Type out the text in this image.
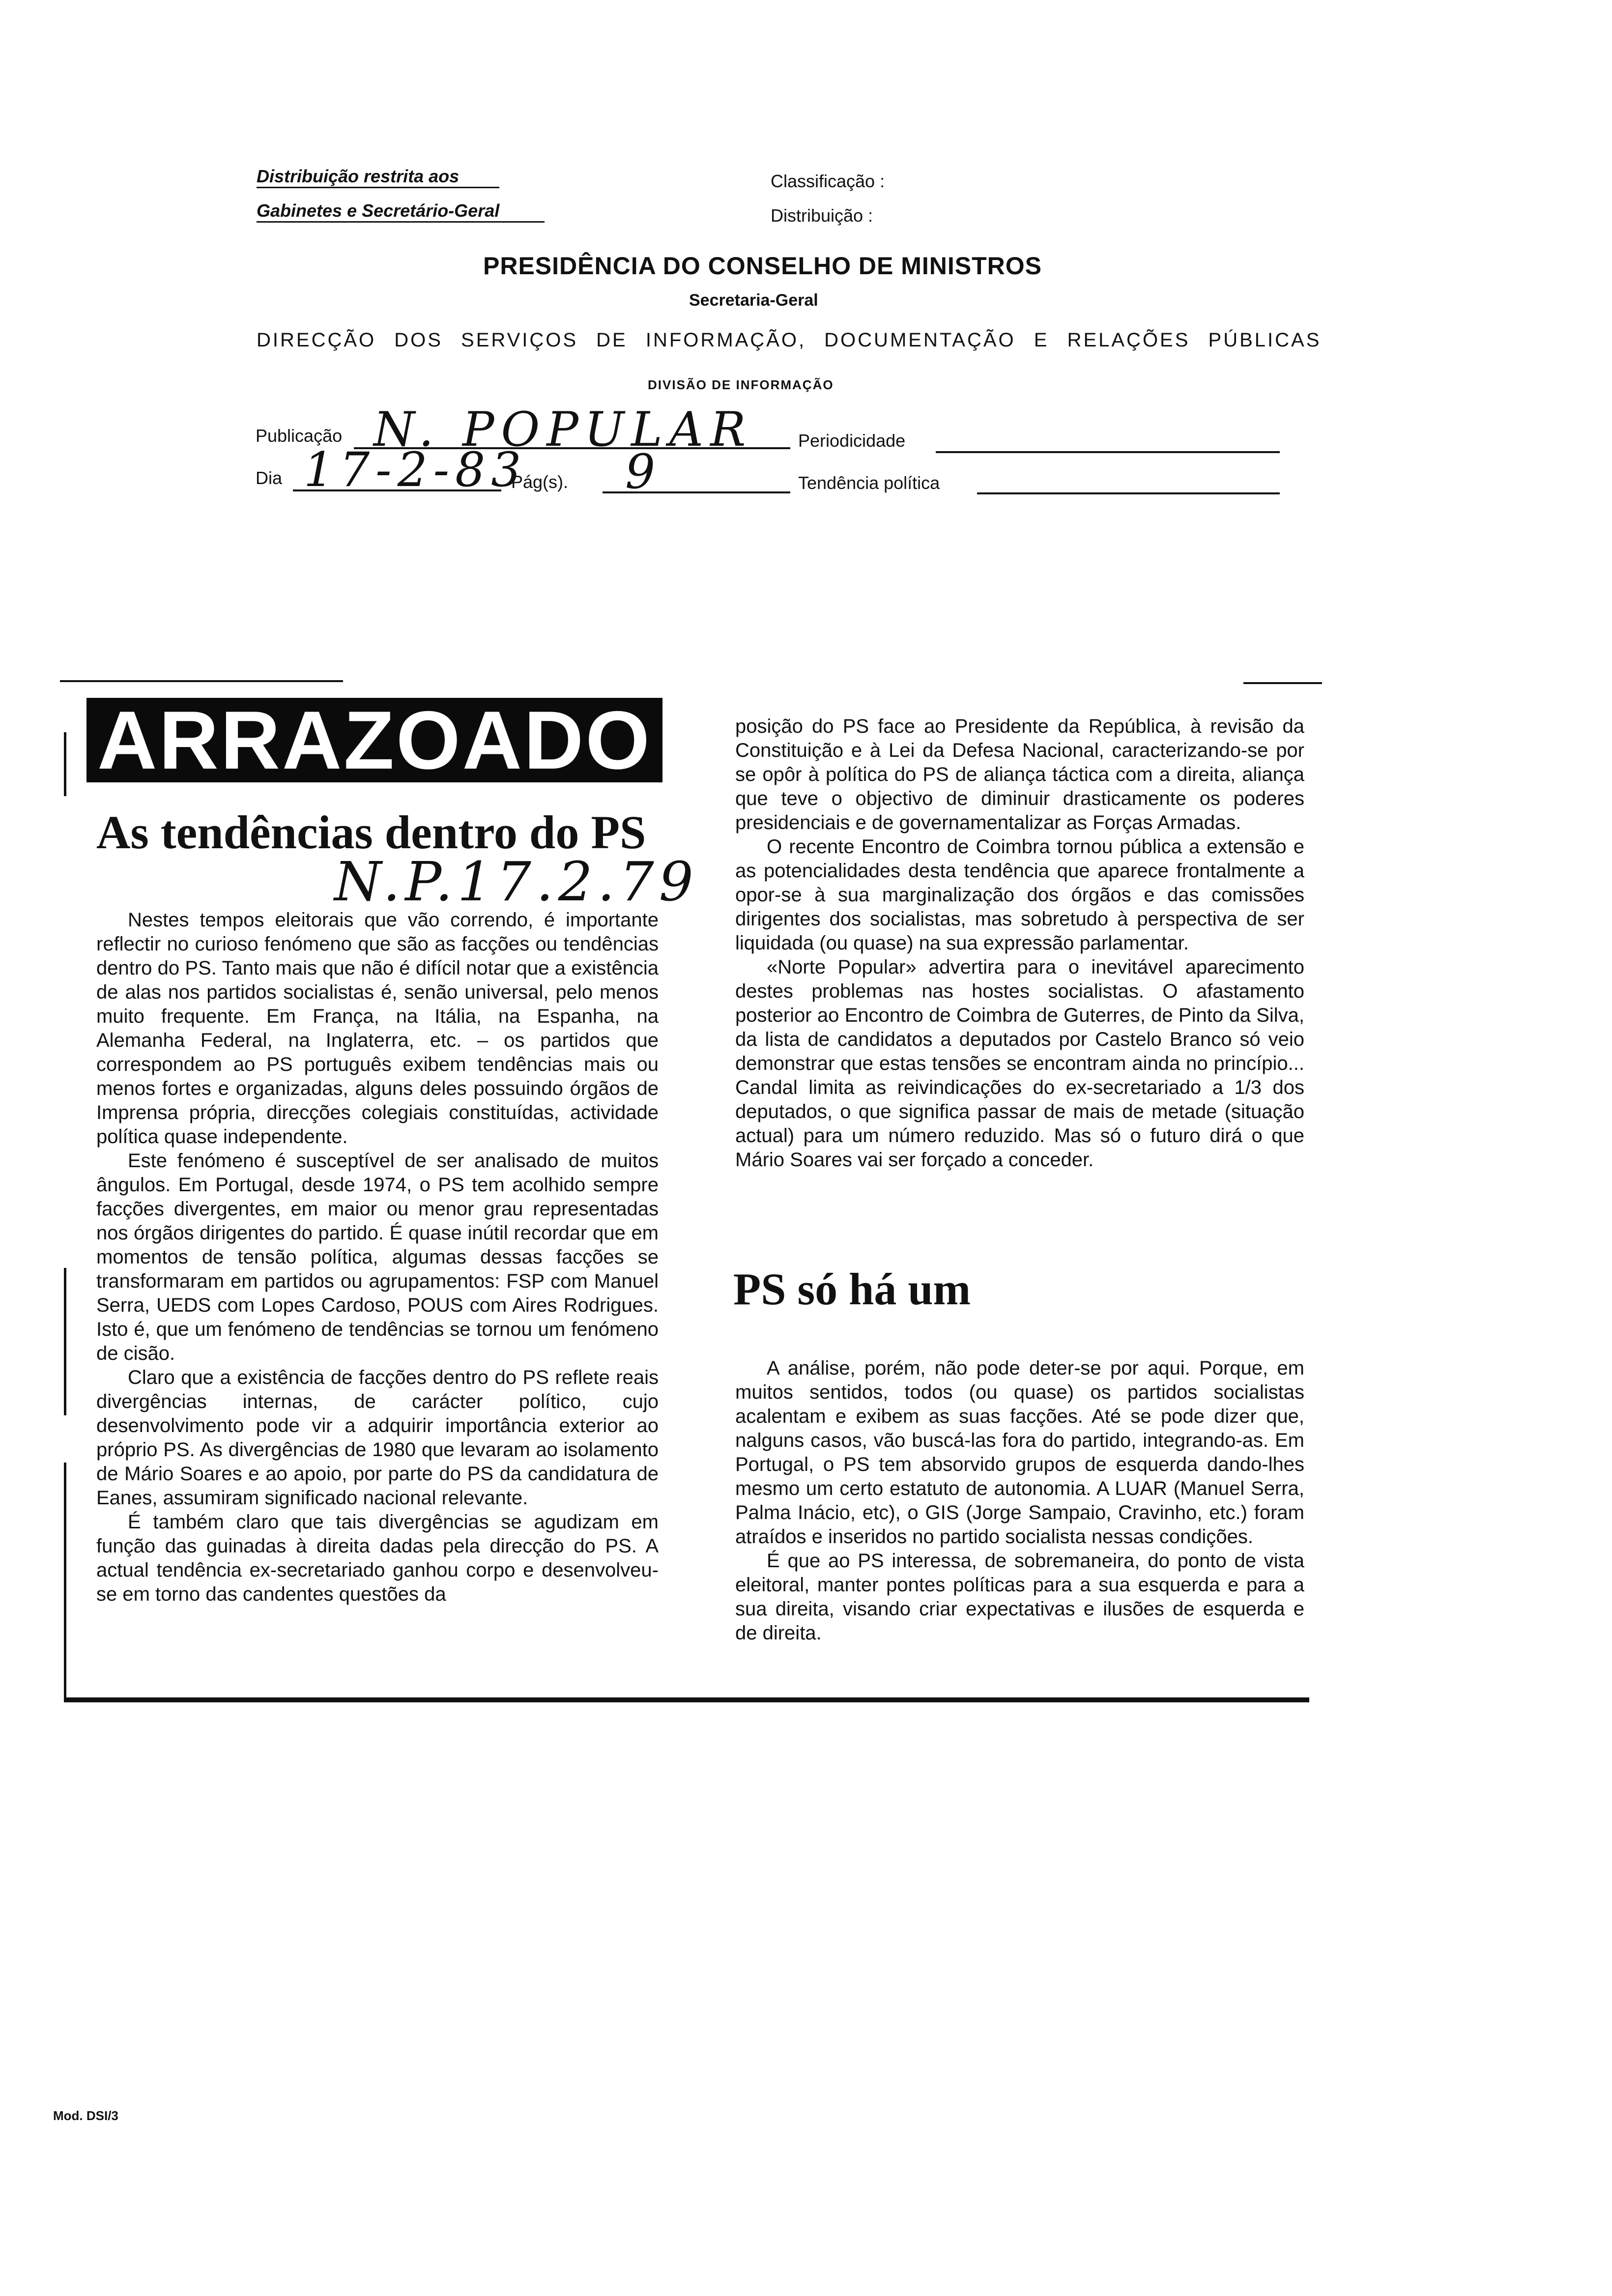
Distribuição restrita aos
Gabinetes e Secretário-Geral
Classificação :
Distribuição :
PRESIDÊNCIA DO CONSELHO DE MINISTROS
Secretaria-Geral
DIRECÇÃO DOS SERVIÇOS DE INFORMAÇÃO, DOCUMENTAÇÃO E RELAÇÕES PÚBLICAS
DIVISÃO DE INFORMAÇÃO
Publicação N. POPULAR	Periodicidade
Dia 17-2-83
Pág(s). 9	Tendência política
ARRAZOADO
As tendências dentro do PS
N.P.17.2.79

Nestes tempos eleitorais que vão correndo, é importante reflectir no curioso fenómeno que são as facções ou tendências dentro do PS. Tanto mais que não é difícil notar que a existência de alas nos partidos socialistas é, senão universal, pelo menos muito frequente. Em França, na Itália, na Espanha, na Alemanha Federal, na Inglaterra, etc. – os partidos que correspondem ao PS português exibem tendências mais ou menos fortes e organizadas, alguns deles possuindo órgãos de Imprensa própria, direcções colegiais constituídas, actividade política quase independente.

Este fenómeno é susceptível de ser analisado de muitos ângulos. Em Portugal, desde 1974, o PS tem acolhido sempre facções divergentes, em maior ou menor grau representadas nos órgãos dirigentes do partido. É quase inútil recordar que em momentos de tensão política, algumas dessas facções se transformaram em partidos ou agrupamentos: FSP com Manuel Serra, UEDS com Lopes Cardoso, POUS com Aires Rodrigues. Isto é, que um fenómeno de tendências se tornou um fenómeno de cisão.

Claro que a existência de facções dentro do PS reflete reais divergências internas, de carácter político, cujo desenvolvimento pode vir a adquirir importância exterior ao próprio PS. As divergências de 1980 que levaram ao isolamento de Mário Soares e ao apoio, por parte do PS da candidatura de Eanes, assumiram significado nacional relevante.

É também claro que tais divergências se agudizam em função das guinadas à direita dadas pela direcção do PS. A actual tendência ex-secretariado ganhou corpo e desenvolveu-se em torno das candentes questões da

posição do PS face ao Presidente da República, à revisão da Constituição e à Lei da Defesa Nacional, caracterizando-se por se opôr à política do PS de aliança táctica com a direita, aliança que teve o objectivo de diminuir drasticamente os poderes presidenciais e de governamentalizar as Forças Armadas.

O recente Encontro de Coimbra tornou pública a extensão e as potencialidades desta tendência que aparece frontalmente a opor-se à sua marginalização dos órgãos e das comissões dirigentes dos socialistas, mas sobretudo à perspectiva de ser liquidada (ou quase) na sua expressão parlamentar.

«Norte Popular» advertira para o inevitável aparecimento destes problemas nas hostes socialistas. O afastamento posterior ao Encontro de Coimbra de Guterres, de Pinto da Silva, da lista de candidatos a deputados por Castelo Branco só veio demonstrar que estas tensões se encontram ainda no princípio... Candal limita as reivindicações do ex-secretariado a 1/3 dos deputados, o que significa passar de mais de metade (situação actual) para um número reduzido. Mas só o futuro dirá o que Mário Soares vai ser forçado a conceder.

PS só há um

A análise, porém, não pode deter-se por aqui. Porque, em muitos sentidos, todos (ou quase) os partidos socialistas acalentam e exibem as suas facções. Até se pode dizer que, nalguns casos, vão buscá-las fora do partido, integrando-as. Em Portugal, o PS tem absorvido grupos de esquerda dando-lhes mesmo um certo estatuto de autonomia. A LUAR (Manuel Serra, Palma Inácio, etc), o GIS (Jorge Sampaio, Cravinho, etc.) foram atraídos e inseridos no partido socialista nessas condições.

É que ao PS interessa, de sobremaneira, do ponto de vista eleitoral, manter pontes políticas para a sua esquerda e para a sua direita, visando criar expectativas e ilusões de esquerda e de direita.

Mod. DSI/3
